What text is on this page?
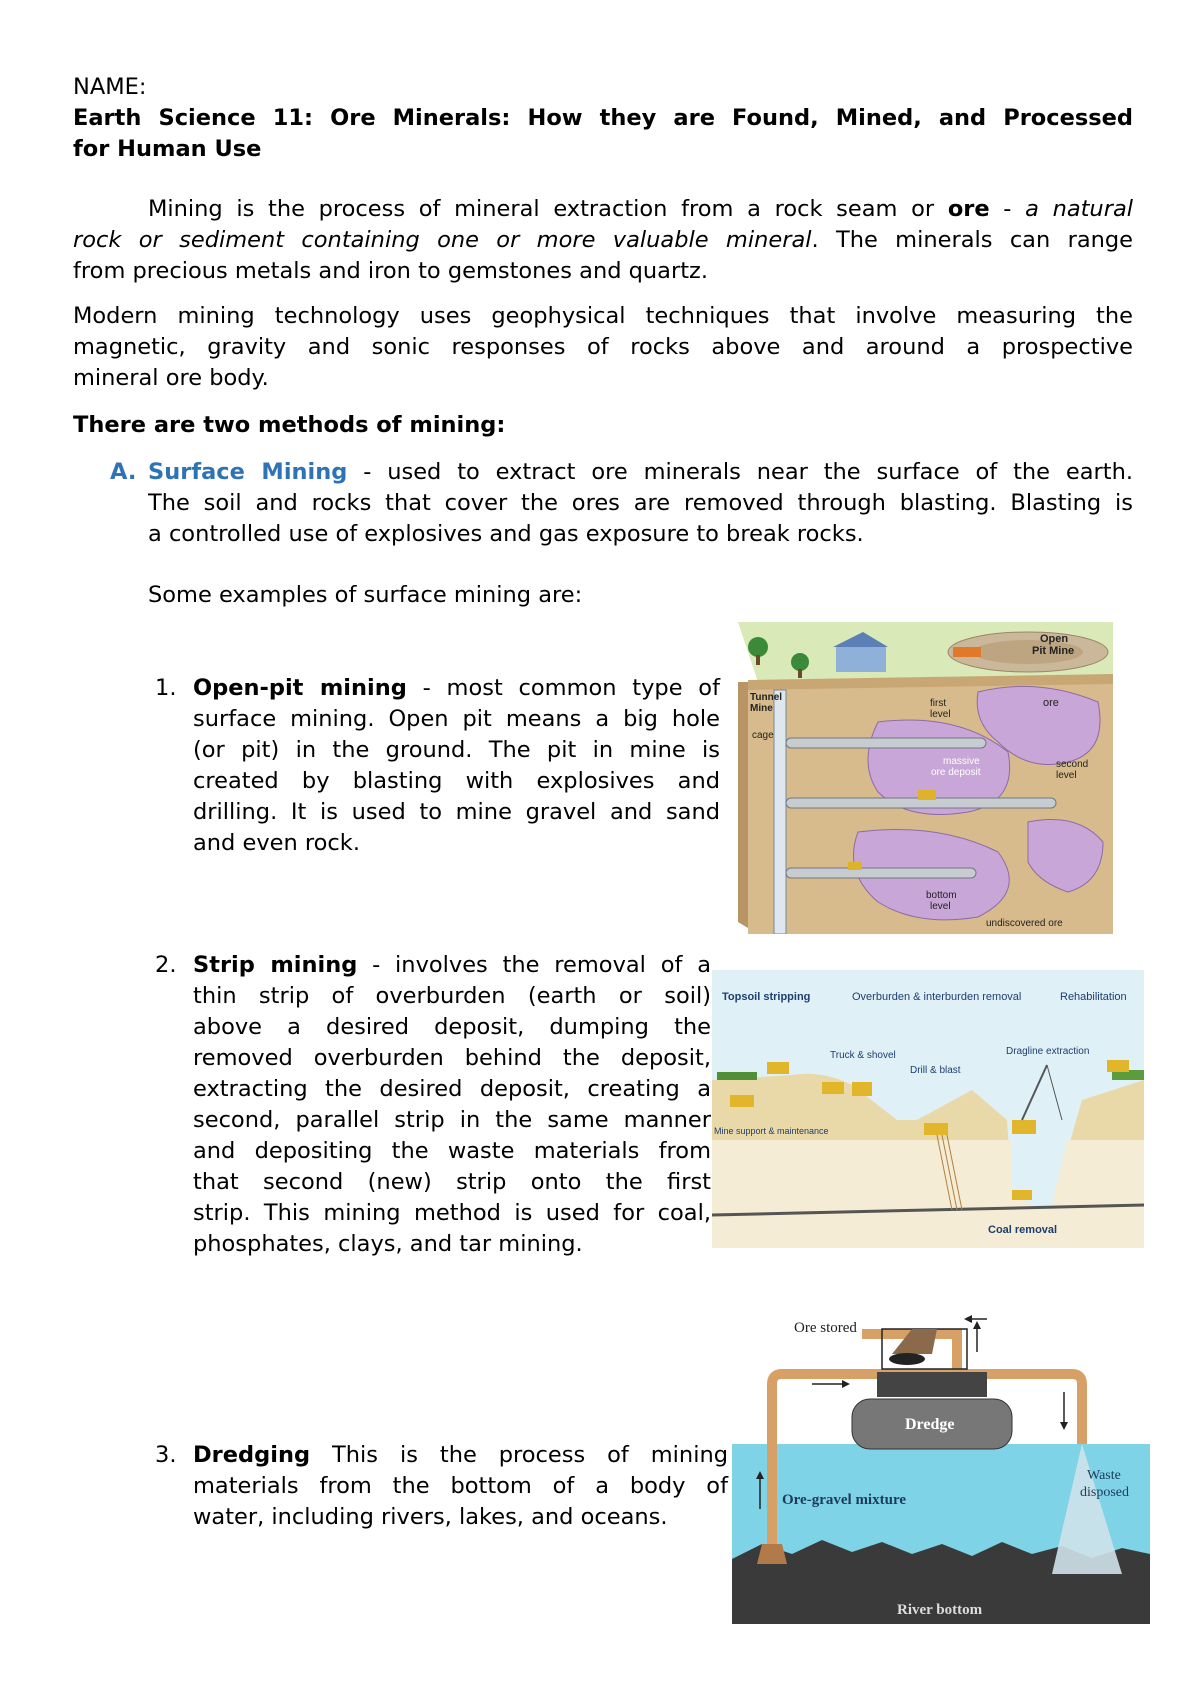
NAME:
Earth Science 11: Ore Minerals: How they are Found, Mined, and Processed
for Human Use
Mining is the process of mineral extraction from a rock seam or ore - a natural
rock or sediment containing one or more valuable mineral. The minerals can range
from precious metals and iron to gemstones and quartz.
Modern mining technology uses geophysical techniques that involve measuring the
magnetic, gravity and sonic responses of rocks above and around a prospective
mineral ore body.
There are two methods of mining:
A. Surface Mining - used to extract ore minerals near the surface of the earth.
The soil and rocks that cover the ores are removed through blasting. Blasting is
a controlled use of explosives and gas exposure to break rocks.
Some examples of surface mining are:
1. Open-pit mining - most common type of
surface mining. Open pit means a big hole
(or pit) in the ground. The pit in mine is
created by blasting with explosives and
drilling. It is used to mine gravel and sand
and even rock.
2. Strip mining - involves the removal of a
thin strip of overburden (earth or soil)
above a desired deposit, dumping the
removed overburden behind the deposit,
extracting the desired deposit, creating a
second, parallel strip in the same manner
and depositing the waste materials from
that second (new) strip onto the first
strip. This mining method is used for coal,
phosphates, clays, and tar mining.
3. Dredging This is the process of mining
materials from the bottom of a body of
water, including rivers, lakes, and oceans.
Open
Pit Mine
Tunnel
Mine
cage
first
level
ore
massive
ore deposit
second
level
bottom
level
undiscovered ore
Topsoil stripping	Overburden & interburden removal	Rehabilitation
Truck & shovel
Drill & blast
Dragline extraction
Mine support & maintenance
Coal removal
Ore stored
Dredge
Ore-gravel mixture
Waste
disposed
River bottom
